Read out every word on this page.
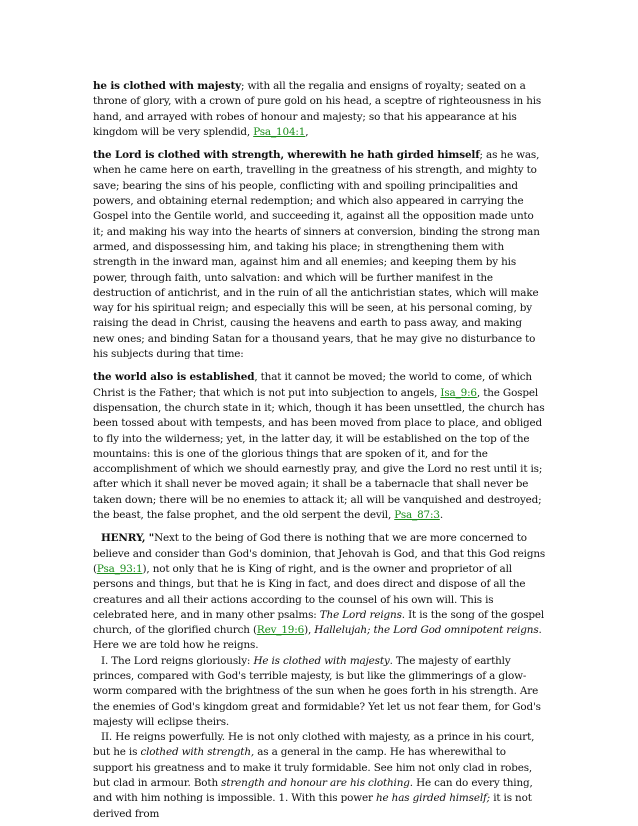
he is clothed with majesty; with all the regalia and ensigns of royalty; seated on a throne of glory, with a crown of pure gold on his head, a sceptre of righteousness in his hand, and arrayed with robes of honour and majesty; so that his appearance at his kingdom will be very splendid, Psa_104:1,

the Lord is clothed with strength, wherewith he hath girded himself; as he was, when he came here on earth, travelling in the greatness of his strength, and mighty to save; bearing the sins of his people, conflicting with and spoiling principalities and powers, and obtaining eternal redemption; and which also appeared in carrying the Gospel into the Gentile world, and succeeding it, against all the opposition made unto it; and making his way into the hearts of sinners at conversion, binding the strong man armed, and dispossessing him, and taking his place; in strengthening them with strength in the inward man, against him and all enemies; and keeping them by his power, through faith, unto salvation: and which will be further manifest in the destruction of antichrist, and in the ruin of all the antichristian states, which will make way for his spiritual reign; and especially this will be seen, at his personal coming, by raising the dead in Christ, causing the heavens and earth to pass away, and making new ones; and binding Satan for a thousand years, that he may give no disturbance to his subjects during that time:

the world also is established, that it cannot be moved; the world to come, of which Christ is the Father; that which is not put into subjection to angels, Isa_9:6, the Gospel dispensation, the church state in it; which, though it has been unsettled, the church has been tossed about with tempests, and has been moved from place to place, and obliged to fly into the wilderness; yet, in the latter day, it will be established on the top of the mountains: this is one of the glorious things that are spoken of it, and for the accomplishment of which we should earnestly pray, and give the Lord no rest until it is; after which it shall never be moved again; it shall be a tabernacle that shall never be taken down; there will be no enemies to attack it; all will be vanquished and destroyed; the beast, the false prophet, and the old serpent the devil, Psa_87:3.

HENRY, "Next to the being of God there is nothing that we are more concerned to believe and consider than God's dominion, that Jehovah is God, and that this God reigns (Psa_93:1), not only that he is King of right, and is the owner and proprietor of all persons and things, but that he is King in fact, and does direct and dispose of all the creatures and all their actions according to the counsel of his own will. This is celebrated here, and in many other psalms: The Lord reigns. It is the song of the gospel church, of the glorified church (Rev_19:6), Hallelujah; the Lord God omnipotent reigns. Here we are told how he reigns.

I. The Lord reigns gloriously: He is clothed with majesty. The majesty of earthly princes, compared with God's terrible majesty, is but like the glimmerings of a glow-worm compared with the brightness of the sun when he goes forth in his strength. Are the enemies of God's kingdom great and formidable? Yet let us not fear them, for God's majesty will eclipse theirs.

II. He reigns powerfully. He is not only clothed with majesty, as a prince in his court, but he is clothed with strength, as a general in the camp. He has wherewithal to support his greatness and to make it truly formidable. See him not only clad in robes, but clad in armour. Both strength and honour are his clothing. He can do every thing, and with him nothing is impossible. 1. With this power he has girded himself; it is not derived from
